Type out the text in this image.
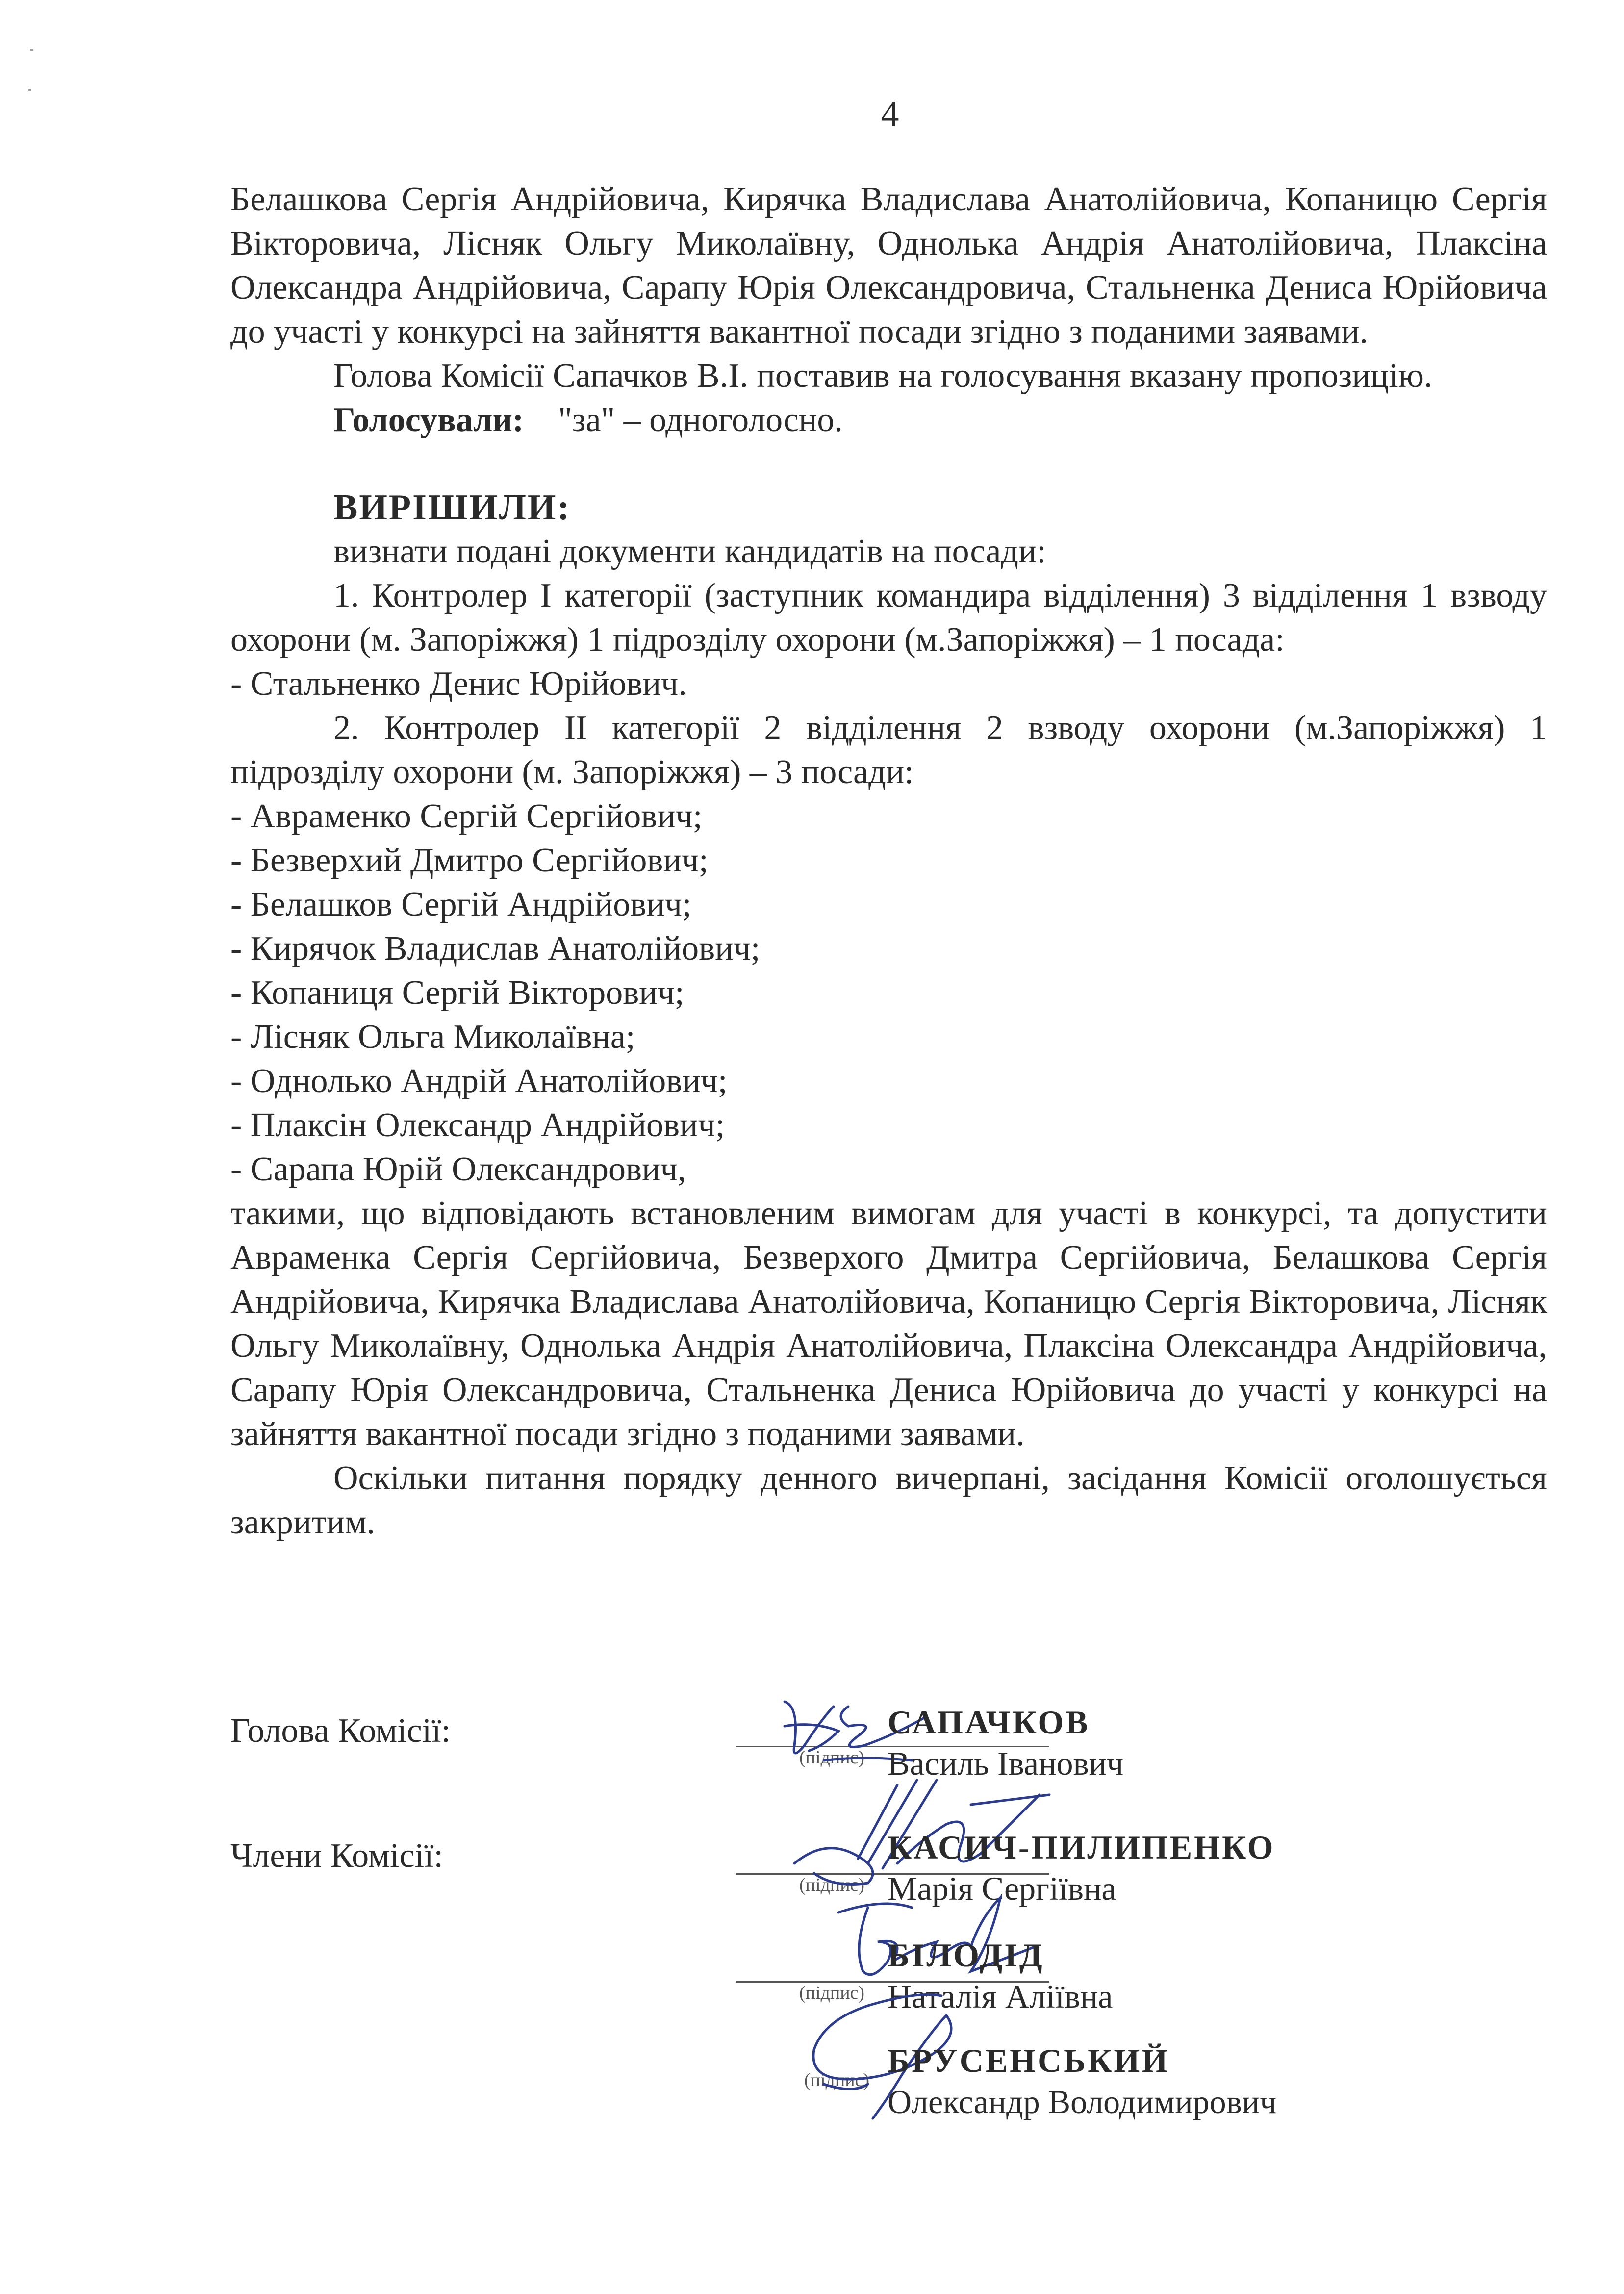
4

Белашкова Сергія Андрійовича, Кирячка Владислава Анатолійовича, Копаницю Сергія Вікторовича, Лісняк Ольгу Миколаївну, Однолька Андрія Анатолійовича, Плаксіна Олександра Андрійовича, Сарапу Юрія Олександровича, Стальненка Дениса Юрійовича до участі у конкурсі на зайняття вакантної посади згідно з поданими заявами.

Голова Комісії Сапачков В.І. поставив на голосування вказану пропозицію.

Голосували: "за" – одноголосно.

ВИРІШИЛИ:

визнати подані документи кандидатів на посади:

1. Контролер І категорії (заступник командира відділення) 3 відділення 1 взводу охорони (м. Запоріжжя) 1 підрозділу охорони (м.Запоріжжя) – 1 посада:

- Стальненко Денис Юрійович.

2. Контролер ІІ категорії 2 відділення 2 взводу охорони (м.Запоріжжя) 1 підрозділу охорони (м. Запоріжжя) – 3 посади:

- Авраменко Сергій Сергійович;

- Безверхий Дмитро Сергійович;

- Белашков Сергій Андрійович;

- Кирячок Владислав Анатолійович;

- Копаниця Сергій Вікторович;

- Лісняк Ольга Миколаївна;

- Однолько Андрій Анатолійович;

- Плаксін Олександр Андрійович;

- Сарапа Юрій Олександрович,

такими, що відповідають встановленим вимогам для участі в конкурсі, та допустити Авраменка Сергія Сергійовича, Безверхого Дмитра Сергійовича, Белашкова Сергія Андрійовича, Кирячка Владислава Анатолійовича, Копаницю Сергія Вікторовича, Лісняк Ольгу Миколаївну, Однолька Андрія Анатолійовича, Плаксіна Олександра Андрійовича, Сарапу Юрія Олександровича, Стальненка Дениса Юрійовича до участі у конкурсі на зайняття вакантної посади згідно з поданими заявами.

Оскільки питання порядку денного вичерпані, засідання Комісії оголошується закритим.

Голова Комісії:
Члени Комісії:
(підпис)
САПАЧКОВ
Василь Іванович
(підпис)
КАСИЧ-ПИЛИПЕНКО
Марія Сергіївна
(підпис)
БІЛОДІД
Наталія Аліївна
(підпис)
БРУСЕНСЬКИЙ
Олександр Володимирович
